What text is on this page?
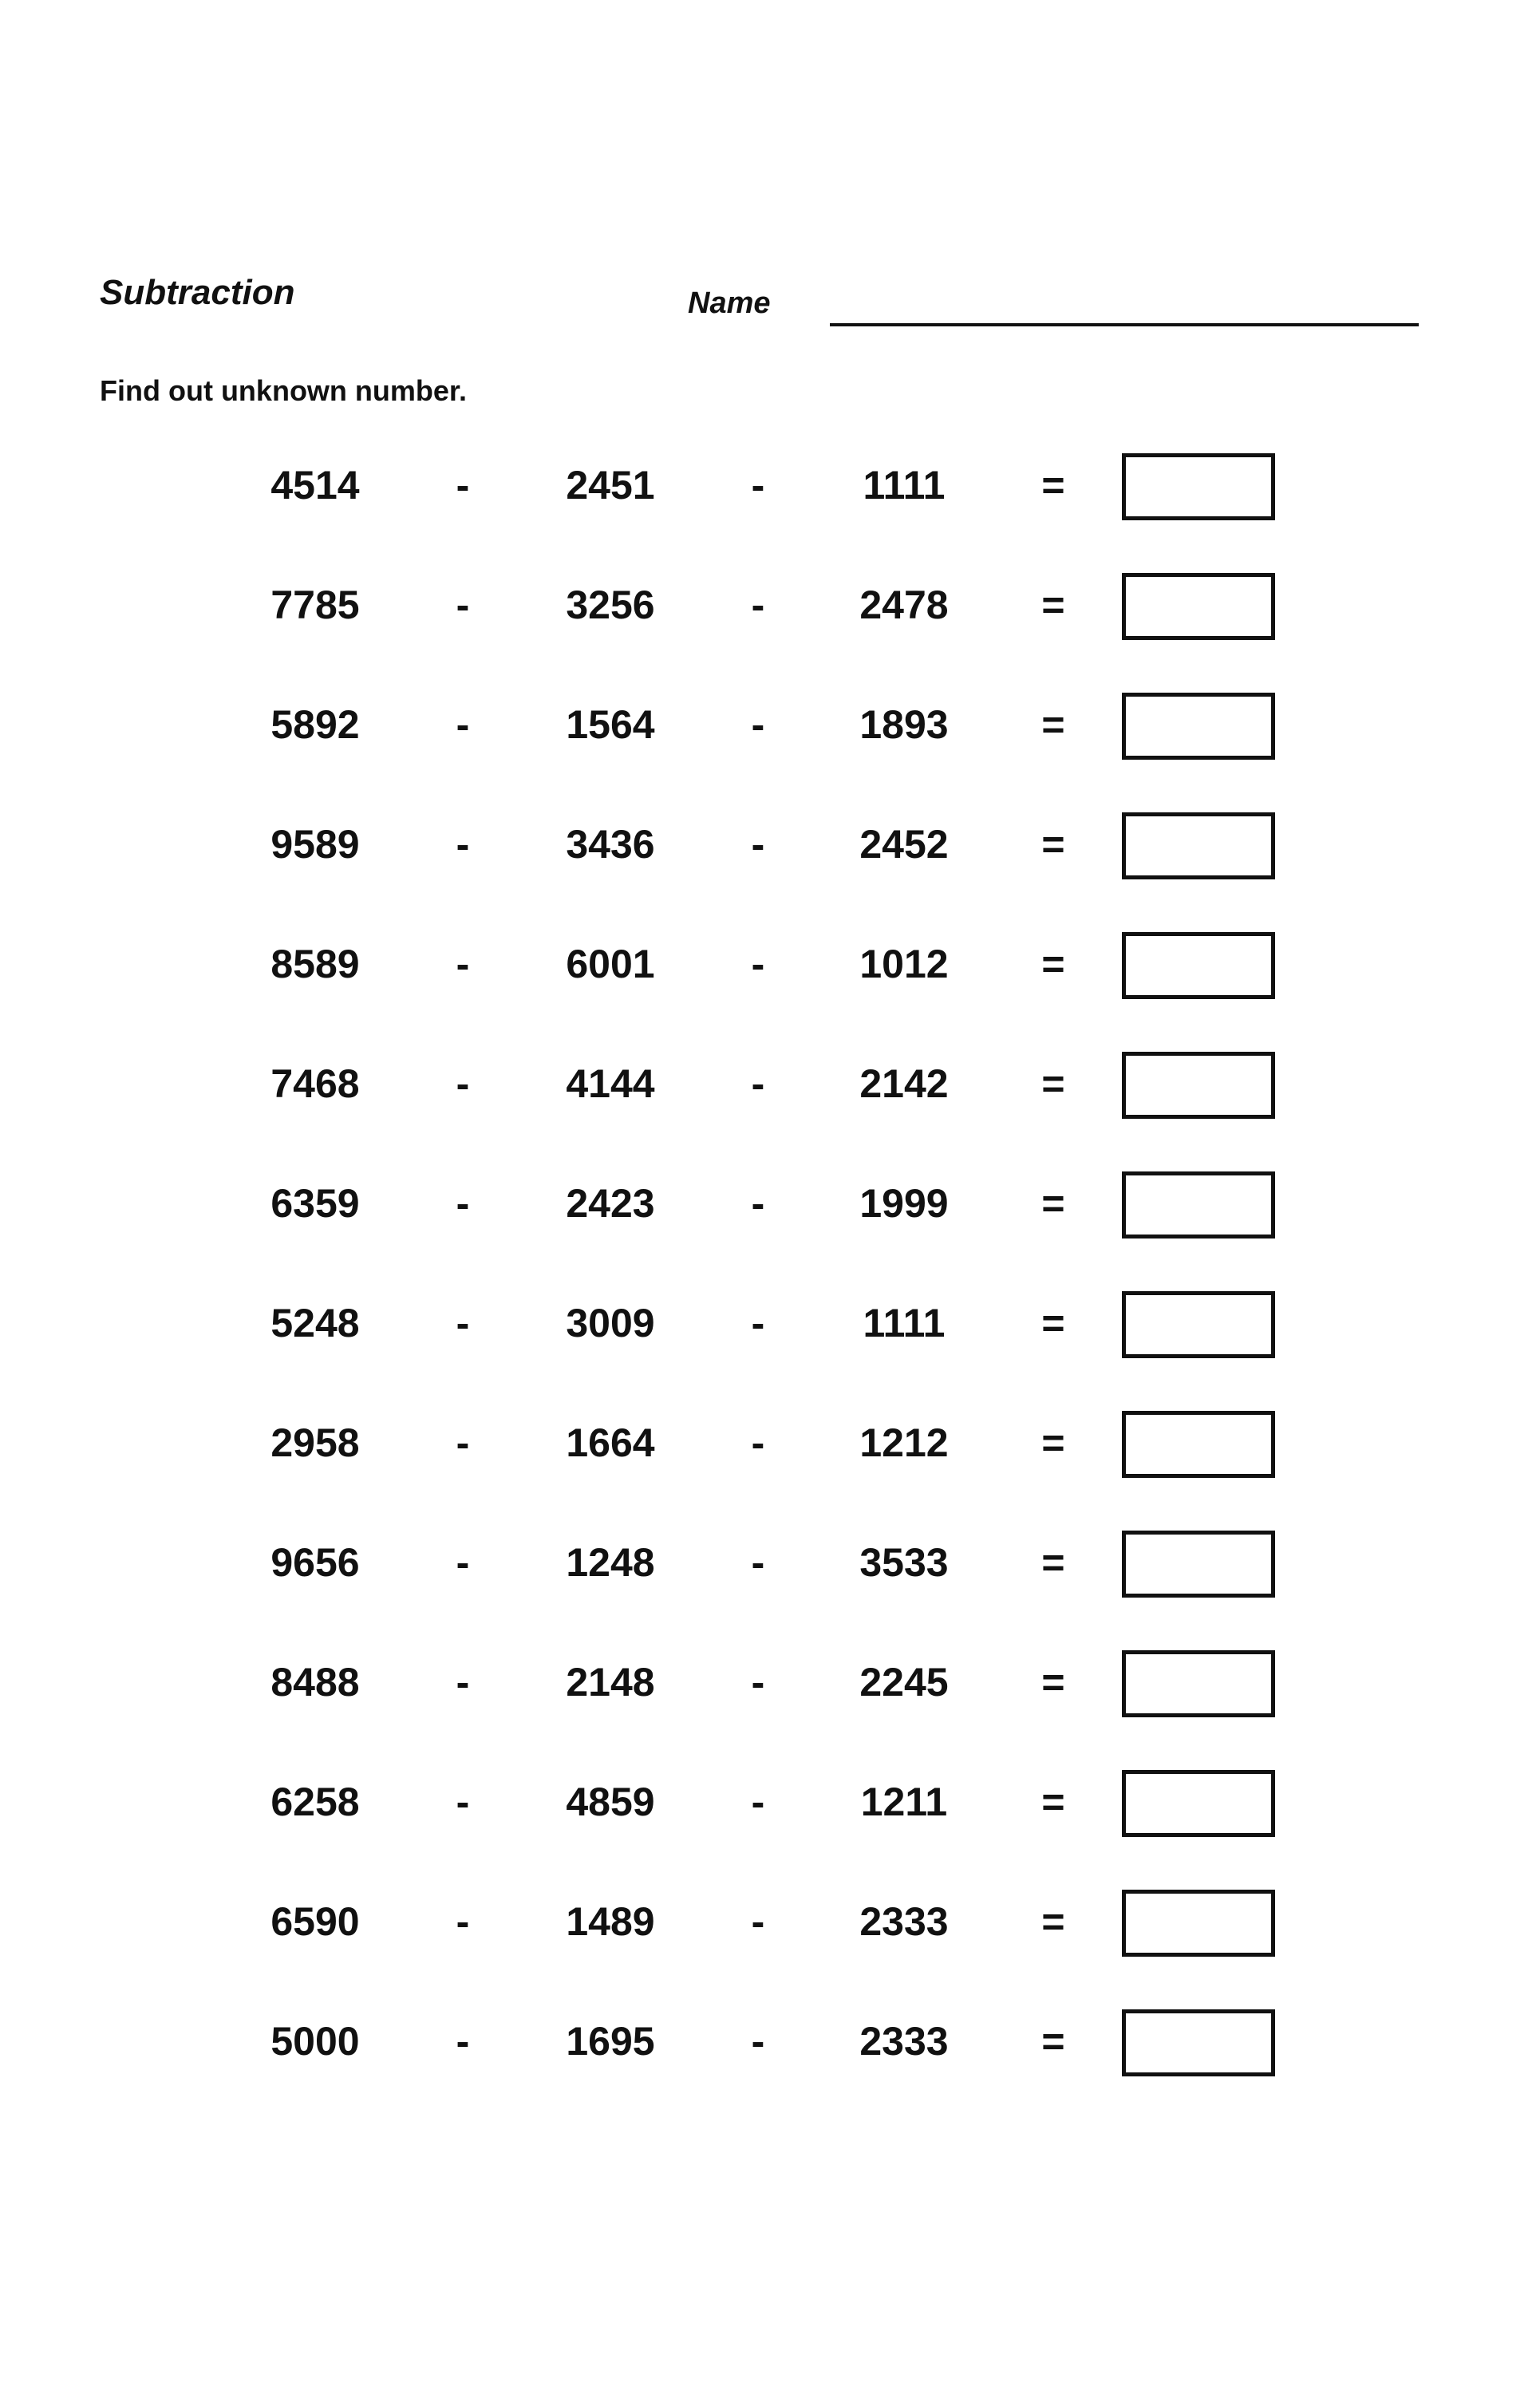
Subtraction	Name
Find out unknown number.
4514 - 2451 - 1111 =
7785 - 3256 - 2478 =
5892 - 1564 - 1893 =
9589 - 3436 - 2452 =
8589 - 6001 - 1012 =
7468 - 4144 - 2142 =
6359 - 2423 - 1999 =
5248 - 3009 - 1111 =
2958 - 1664 - 1212 =
9656 - 1248 - 3533 =
8488 - 2148 - 2245 =
6258 - 4859 - 1211 =
6590 - 1489 - 2333 =
5000 - 1695 - 2333 =
